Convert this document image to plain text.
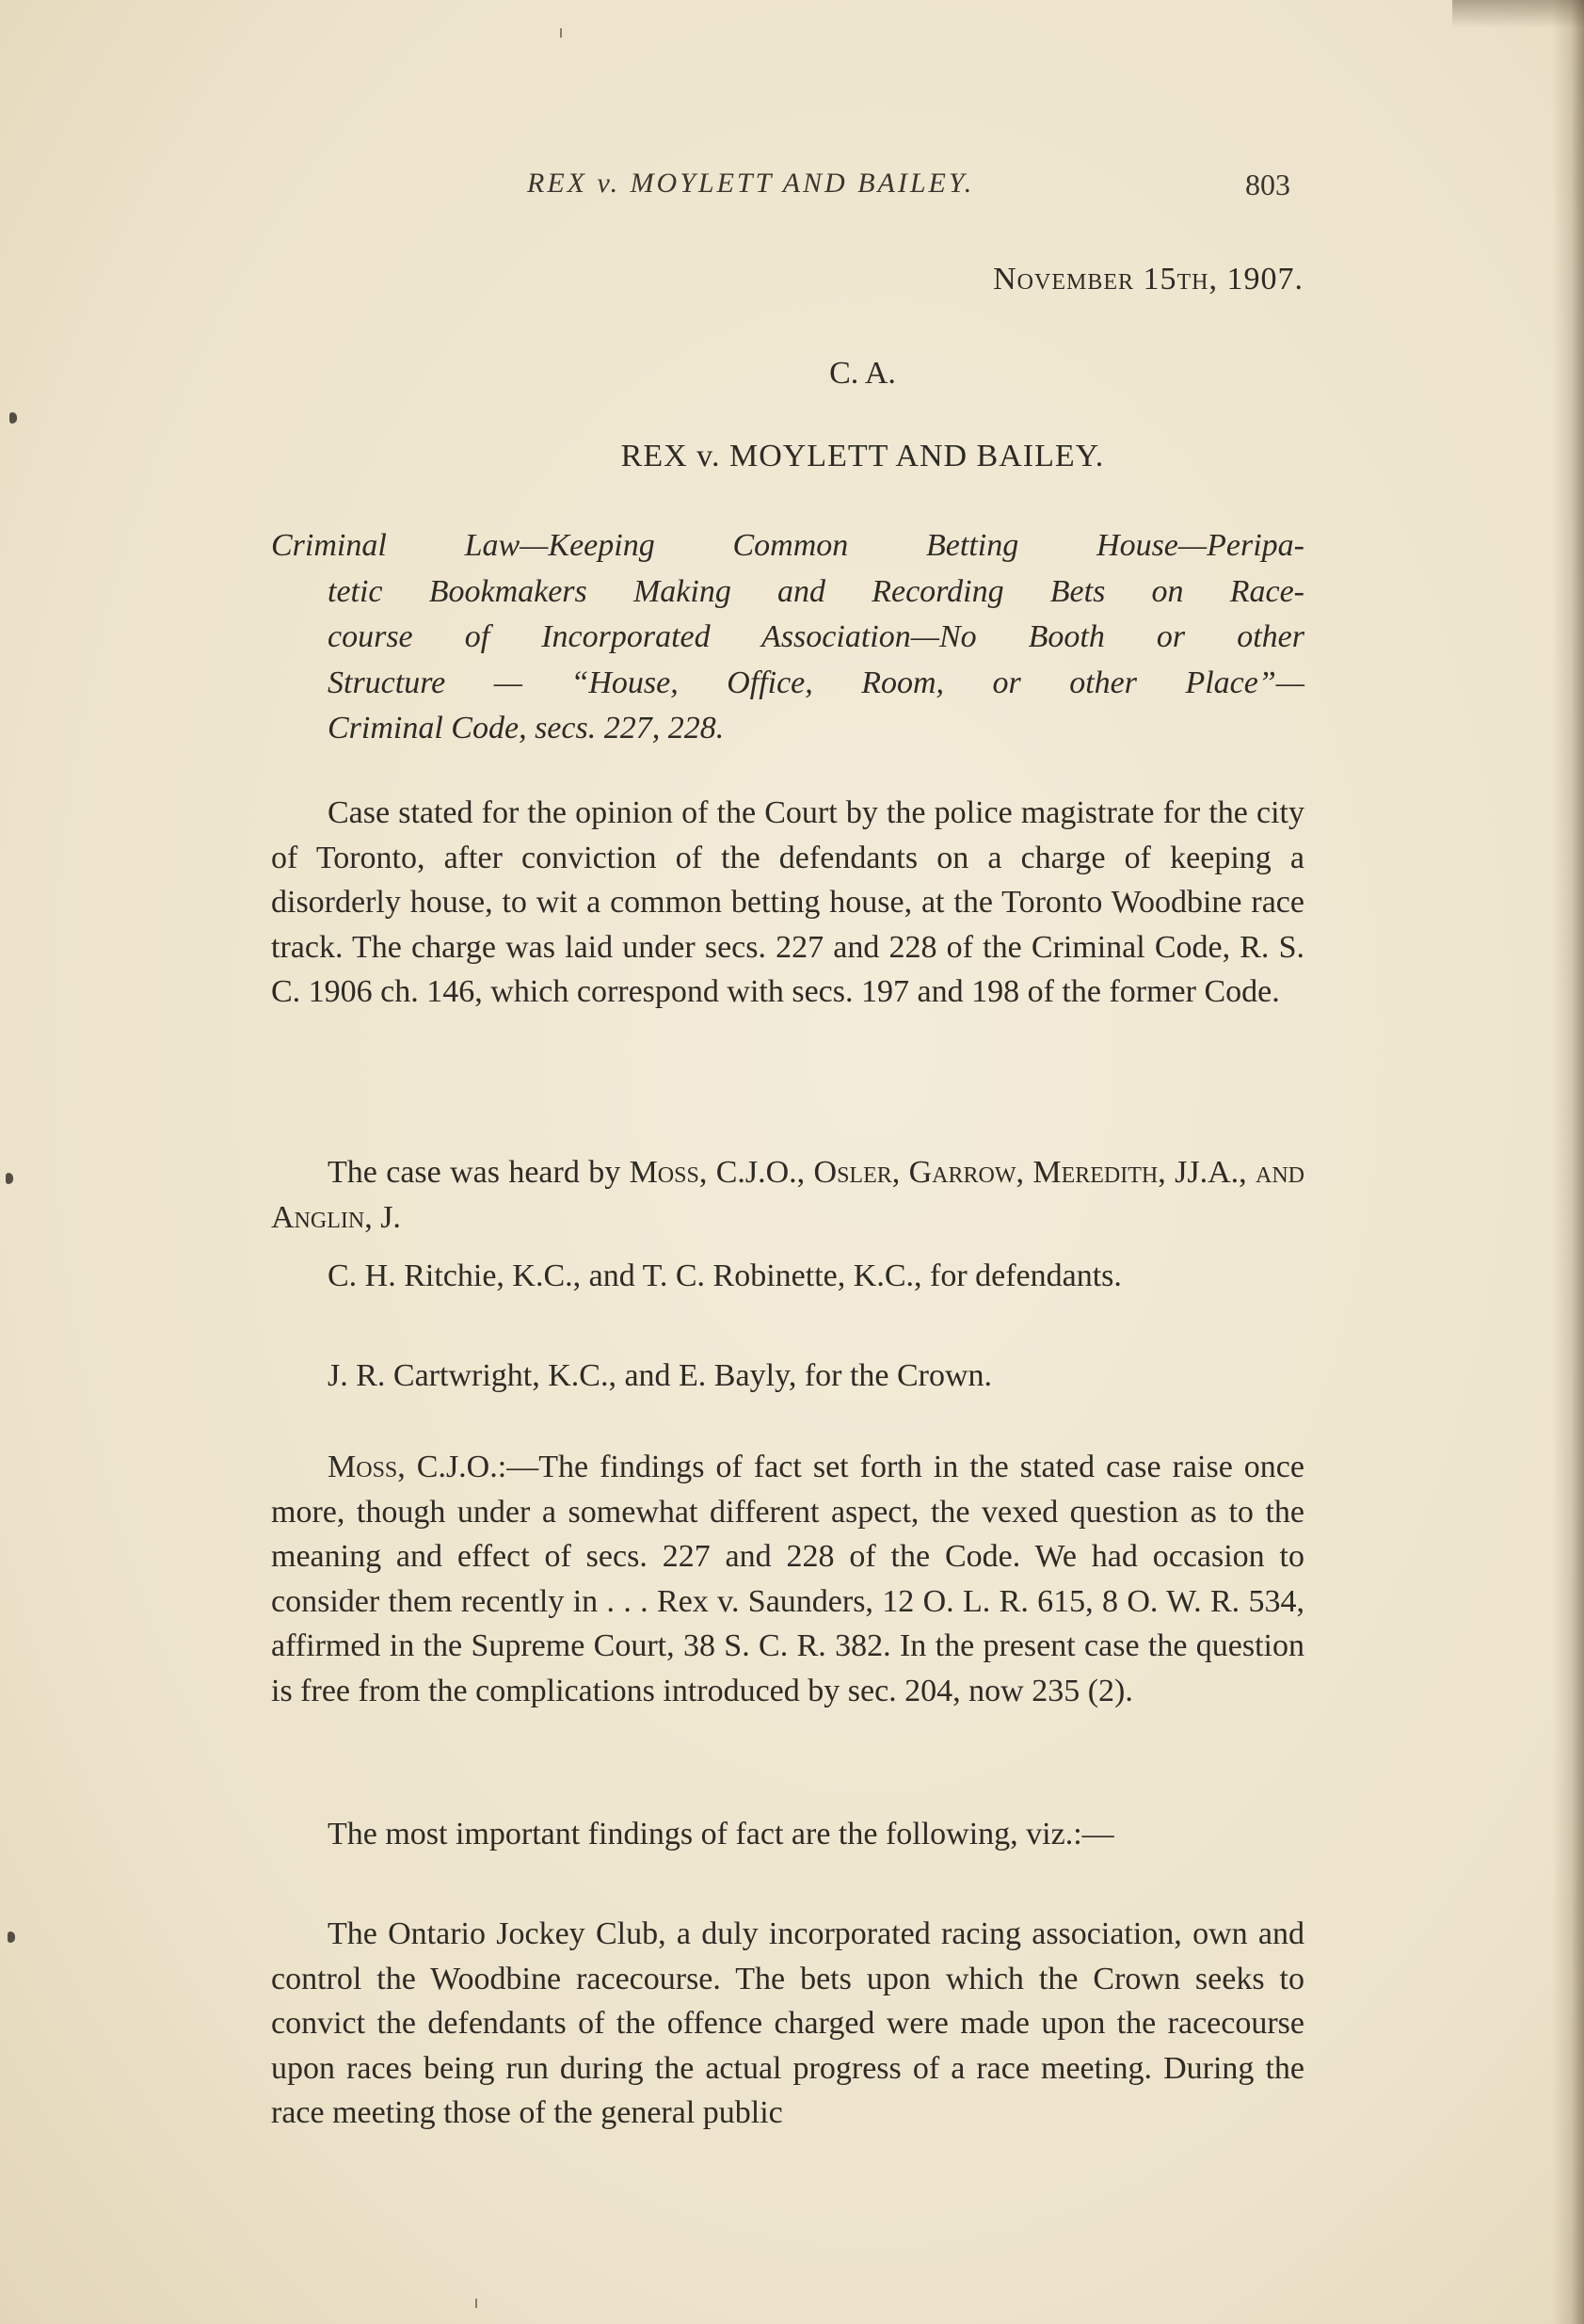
REX v. MOYLETT AND BAILEY.	803
November 15th, 1907.
C. A.
REX v. MOYLETT AND BAILEY.
Criminal Law—Keeping Common Betting House—Peripa-
tetic Bookmakers Making and Recording Bets on Race-
course of Incorporated Association—No Booth or other
Structure — “House, Office, Room, or other Place”—
Criminal Code, secs. 227, 228.

Case stated for the opinion of the Court by the police magistrate for the city of Toronto, after conviction of the defendants on a charge of keeping a disorderly house, to wit a common betting house, at the Toronto Woodbine race track. The charge was laid under secs. 227 and 228 of the Criminal Code, R. S. C. 1906 ch. 146, which correspond with secs. 197 and 198 of the former Code.

The case was heard by Moss, C.J.O., Osler, Garrow, Meredith, JJ.A., and Anglin, J.

C. H. Ritchie, K.C., and T. C. Robinette, K.C., for defendants.

J. R. Cartwright, K.C., and E. Bayly, for the Crown.

Moss, C.J.O.:—The findings of fact set forth in the stated case raise once more, though under a somewhat different aspect, the vexed question as to the meaning and effect of secs. 227 and 228 of the Code. We had occasion to consider them recently in . . . Rex v. Saunders, 12 O. L. R. 615, 8 O. W. R. 534, affirmed in the Supreme Court, 38 S. C. R. 382. In the present case the question is free from the complications introduced by sec. 204, now 235 (2).

The most important findings of fact are the following, viz.:—

The Ontario Jockey Club, a duly incorporated racing association, own and control the Woodbine racecourse. The bets upon which the Crown seeks to convict the defendants of the offence charged were made upon the racecourse upon races being run during the actual progress of a race meeting. During the race meeting those of the general public
